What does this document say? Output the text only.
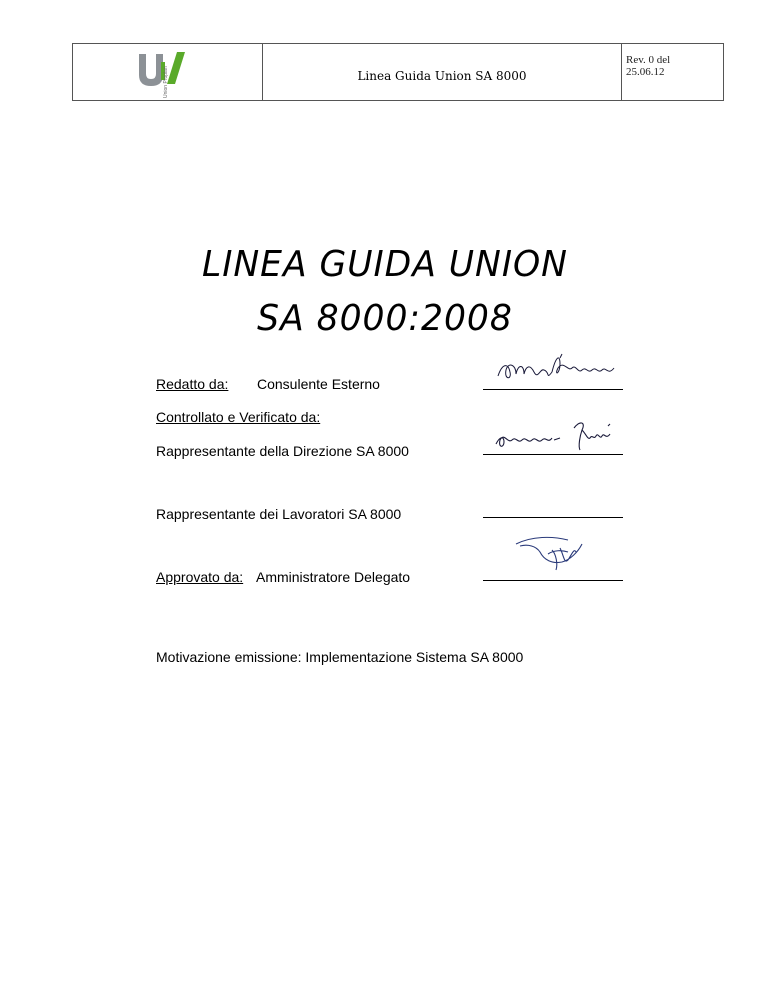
Union Proplan	Linea Guida Union SA 8000
Rev. 0 del 25.06.12
LINEA GUIDA UNION
SA 8000:2008
Redatto da: Consulente Esterno
Controllato e Verificato da:
Rappresentante della Direzione SA 8000
Rappresentante dei Lavoratori SA 8000
Approvato da: Amministratore Delegato
Motivazione emissione: Implementazione Sistema SA 8000
